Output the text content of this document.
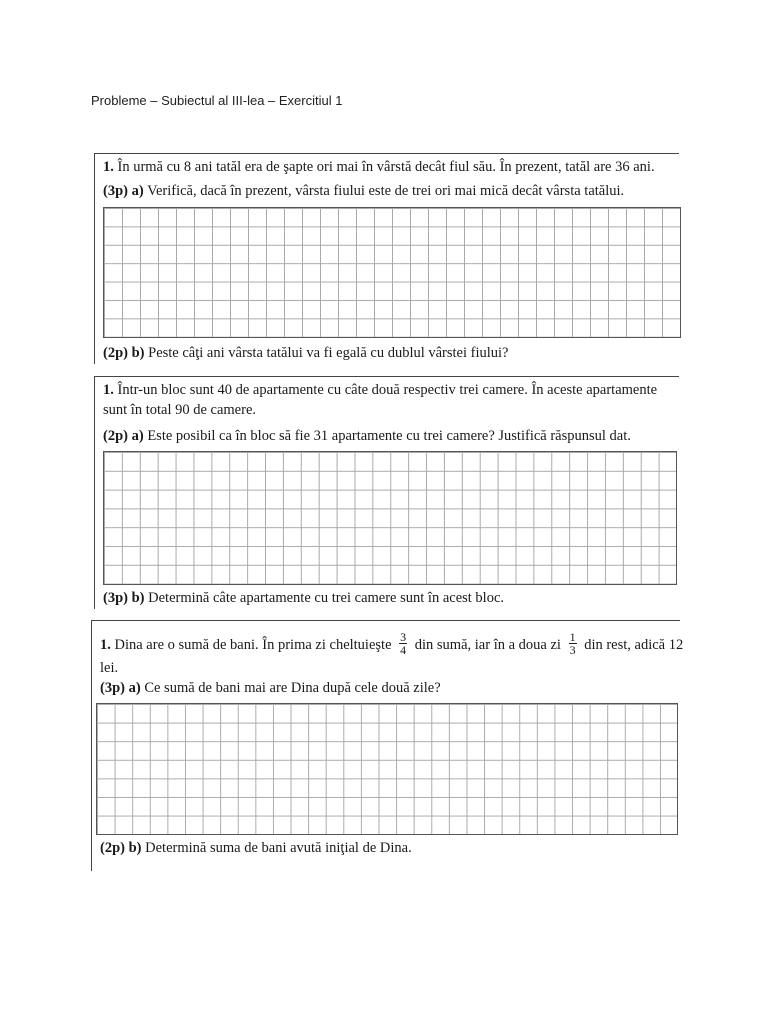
Probleme – Subiectul al III-lea – Exercitiul 1
1. În urmă cu 8 ani tatăl era de şapte ori mai în vârstă decât fiul său. În prezent, tatăl are 36 ani.
(3p) a) Verifică, dacă în prezent, vârsta fiului este de trei ori mai mică decât vârsta tatălui.
(2p) b) Peste câţi ani vârsta tatălui va fi egală cu dublul vârstei fiului?
1. Într-un bloc sunt 40 de apartamente cu câte două respectiv trei camere. În aceste apartamente
sunt în total 90 de camere.
(2p) a) Este posibil ca în bloc să fie 31 apartamente cu trei camere? Justifică răspunsul dat.
(3p) b) Determină câte apartamente cu trei camere sunt în acest bloc.
1. Dina are o sumă de bani. În prima zi cheltuieşte $\frac{3}{4}$ din sumă, iar în a doua zi $\frac{1}{3}$ din rest, adică 12
lei.
(3p) a) Ce sumă de bani mai are Dina după cele două zile?
(2p) b) Determină suma de bani avută iniţial de Dina.
